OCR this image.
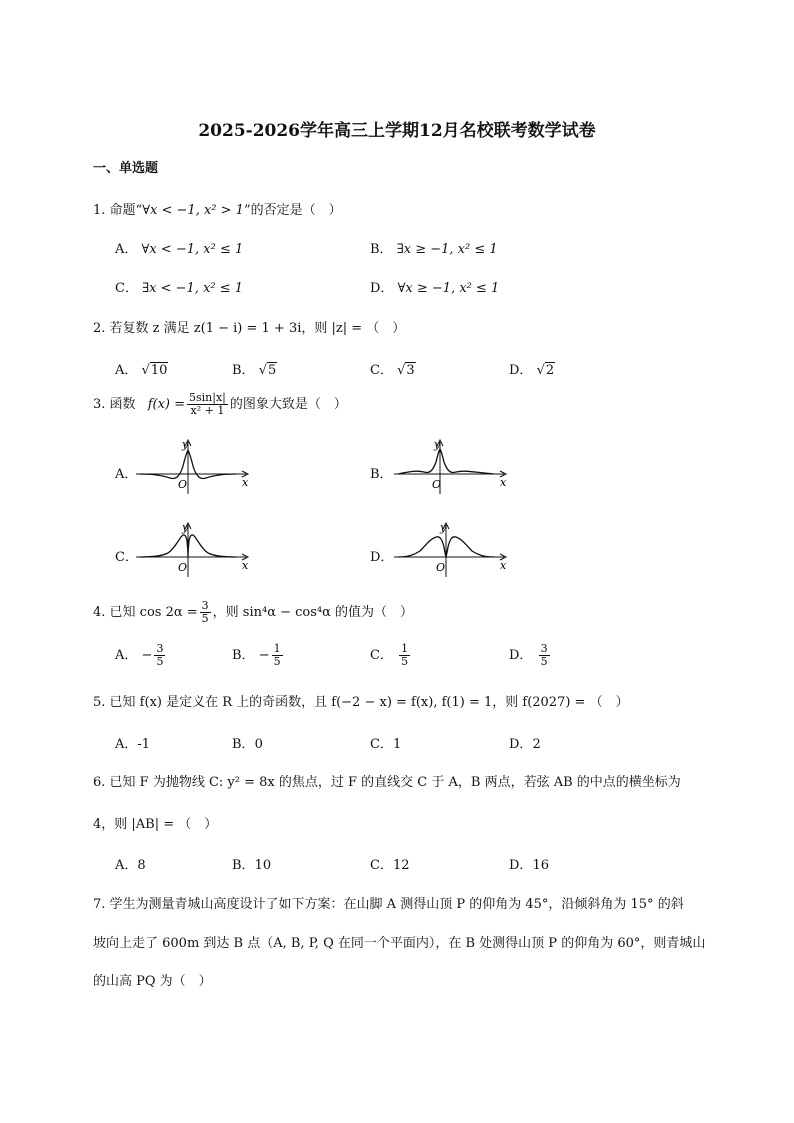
2025-2026学年高三上学期12月名校联考数学试卷
一、单选题
1. 命题“∀x < −1, x² > 1”的否定是（　）
A． ∀x < −1, x² ≤ 1	B． ∃x ≥ −1, x² ≤ 1
C． ∃x < −1, x² ≤ 1	D． ∀x ≥ −1, x² ≤ 1
2. 若复数 z 满足 z(1 − i) = 1 + 3i，则 |z| = （　）
A． √10	B． √5	C． √3	D． √2
3. 函数 $f(x) = \frac{5\sin|x|}{\text{x² + 1}}$ 的图象大致是（　）
A．	B．
C．	D．
y
O	x
y
O	x
y
O	x
y
O	x
4. 已知 $\cos 2\alpha = \frac{3}{5}$ ，则 sin⁴α − cos⁴α 的值为（　）
A． − $\frac{3}{5}$	B． − $\frac{1}{5}$	C． $\frac{1}{5}$	D． $\frac{3}{5}$
5. 已知 f(x) 是定义在 R 上的奇函数，且 f(−2 − x) = f(x), f(1) = 1，则 f(2027) = （　）
A．-1	B．0	C．1	D．2
6. 已知 F 为抛物线 C: y² = 8x 的焦点，过 F 的直线交 C 于 A，B 两点，若弦 AB 的中点的横坐标为
4，则 |AB| = （　）
A．8	B．10	C．12	D．16
7. 学生为测量青城山高度设计了如下方案：在山脚 A 测得山顶 P 的仰角为 45°，沿倾斜角为 15° 的斜
坡向上走了 600m 到达 B 点（A, B, P, Q 在同一个平面内），在 B 处测得山顶 P 的仰角为 60°，则青城山
的山高 PQ 为（　）
